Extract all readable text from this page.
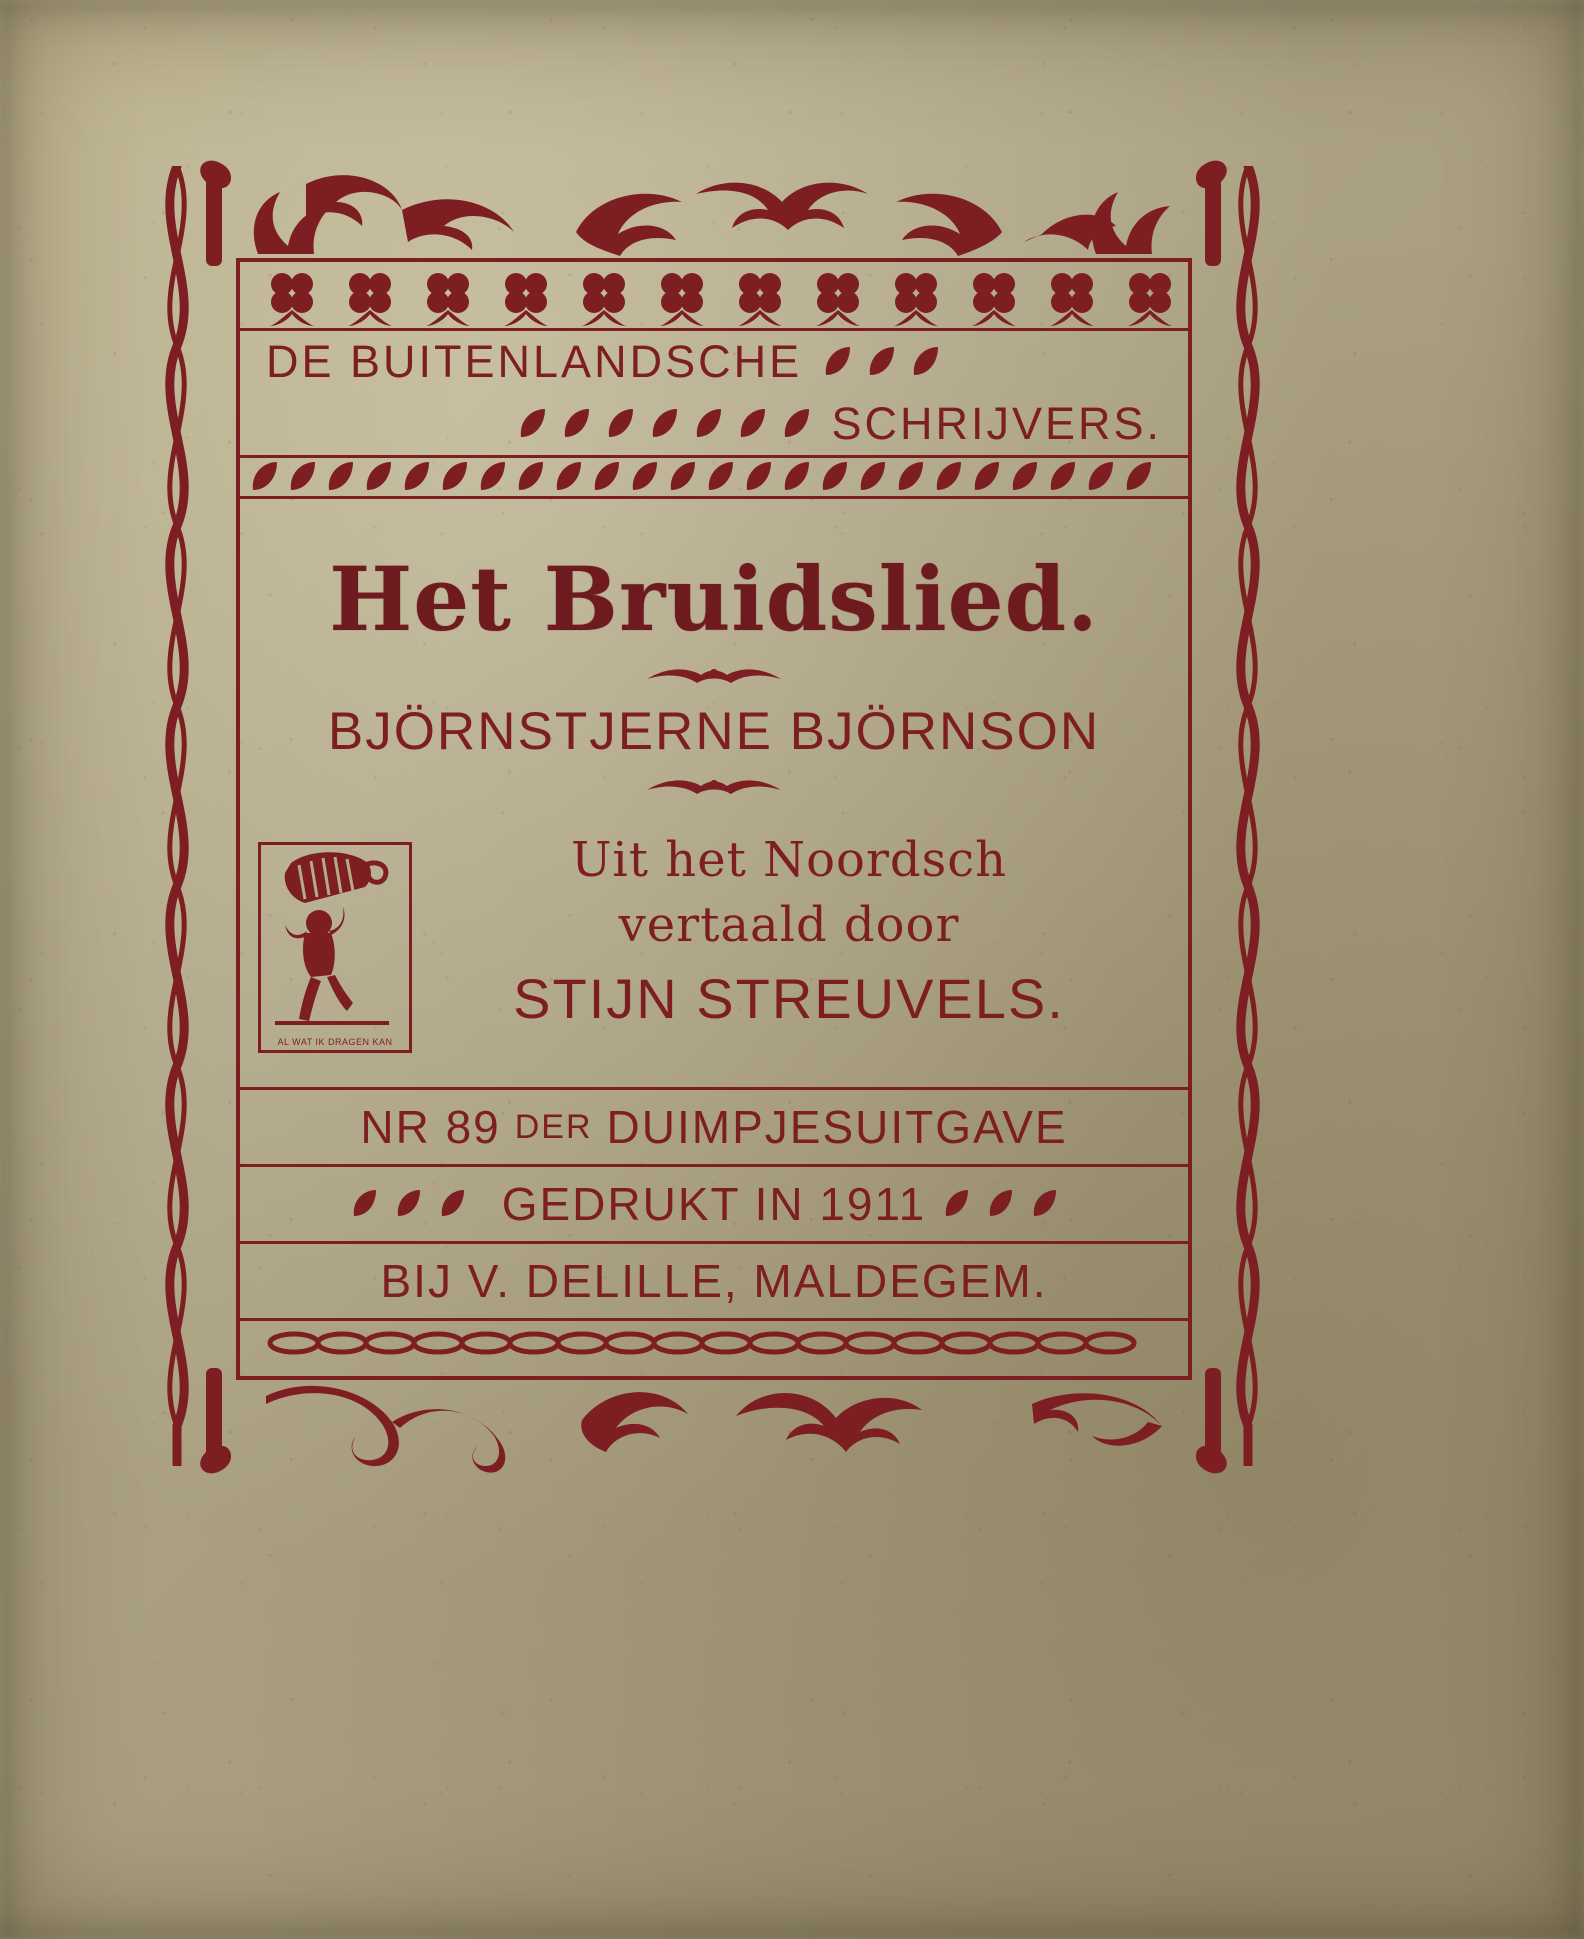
DE BUITENLANDSCHE
SCHRIJVERS.
Het Bruidslied.
BJÖRNSTJERNE BJÖRNSON
AL WAT IK DRAGEN KAN
Uit het Noordsch
vertaald door
STIJN STREUVELS.
NR 89 DER DUIMPJESUITGAVE
GEDRUKT IN 1911
BIJ V. DELILLE, MALDEGEM.
